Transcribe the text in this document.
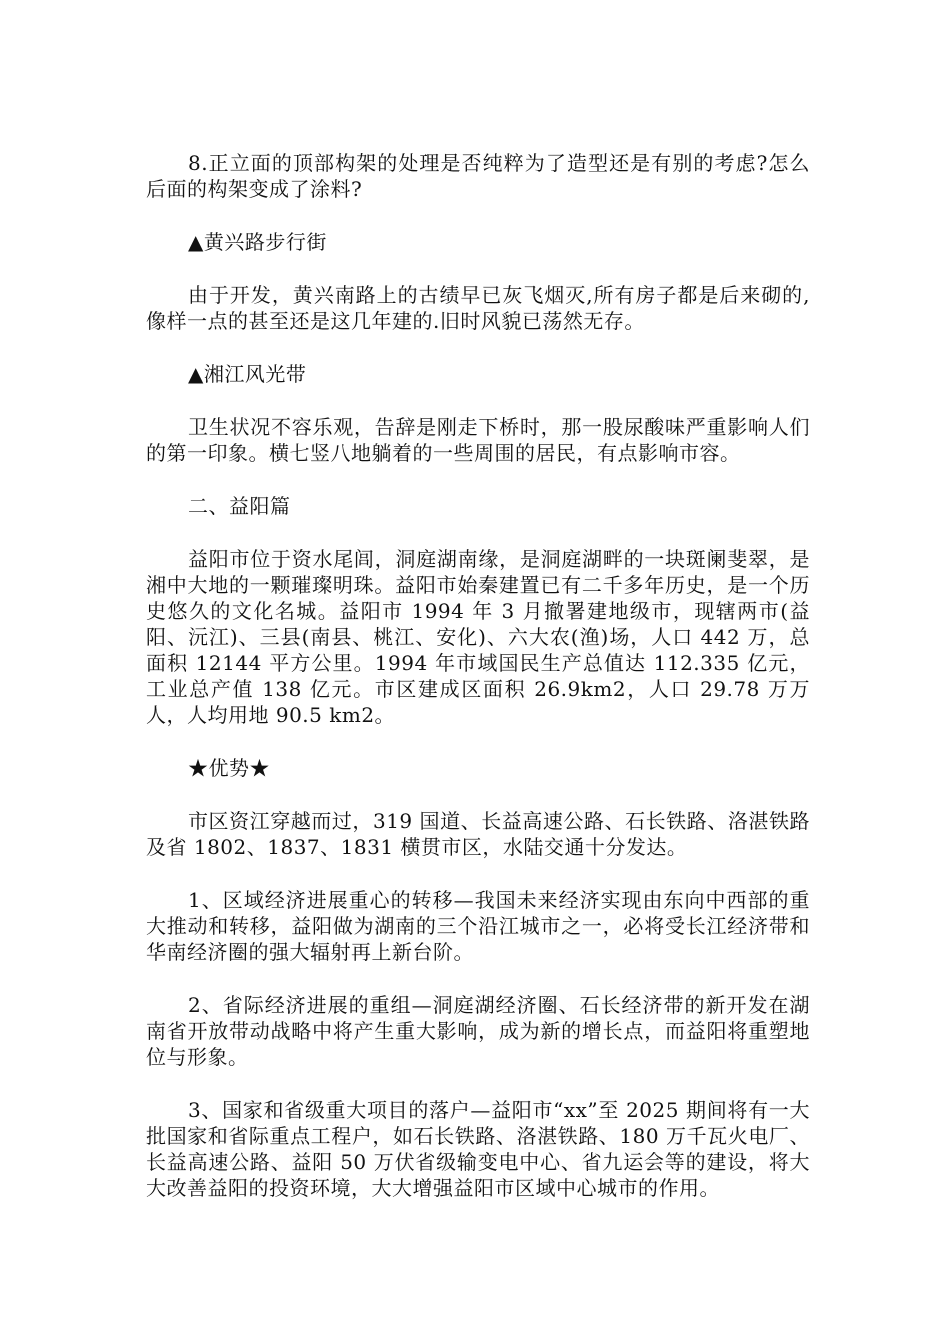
8.正立面的顶部构架的处理是否纯粹为了造型还是有别的考虑?怎么后面的构架变成了涂料?

▲黄兴路步行街

由于开发，黄兴南路上的古绩早已灰飞烟灭,所有房子都是后来砌的,像样一点的甚至还是这几年建的.旧时风貌已荡然无存。

▲湘江风光带

卫生状况不容乐观，告辞是刚走下桥时，那一股尿酸味严重影响人们的第一印象。横七竖八地躺着的一些周围的居民，有点影响市容。

二、益阳篇

益阳市位于资水尾闾，洞庭湖南缘，是洞庭湖畔的一块斑阑斐翠，是湘中大地的一颗璀璨明珠。益阳市始秦建置已有二千多年历史，是一个历史悠久的文化名城。益阳市 1994 年 3 月撤署建地级市，现辖两市(益阳、沅江)、三县(南县、桃江、安化)、六大农(渔)场，人口 442 万，总面积 12144 平方公里。1994 年市域国民生产总值达 112.335 亿元，工业总产值 138 亿元。市区建成区面积 26.9km2，人口 29.78 万万人，人均用地 90.5 km2。

★优势★

市区资江穿越而过，319 国道、长益高速公路、石长铁路、洛湛铁路及省 1802、1837、1831 横贯市区，水陆交通十分发达。

1、区域经济进展重心的转移—我国未来经济实现由东向中西部的重大推动和转移，益阳做为湖南的三个沿江城市之一，必将受长江经济带和华南经济圈的强大辐射再上新台阶。

2、省际经济进展的重组—洞庭湖经济圈、石长经济带的新开发在湖南省开放带动战略中将产生重大影响，成为新的增长点，而益阳将重塑地位与形象。

3、国家和省级重大项目的落户—益阳市“xx”至 2025 期间将有一大批国家和省际重点工程户，如石长铁路、洛湛铁路、180 万千瓦火电厂、长益高速公路、益阳 50 万伏省级输变电中心、省九运会等的建设，将大大改善益阳的投资环境，大大增强益阳市区域中心城市的作用。
